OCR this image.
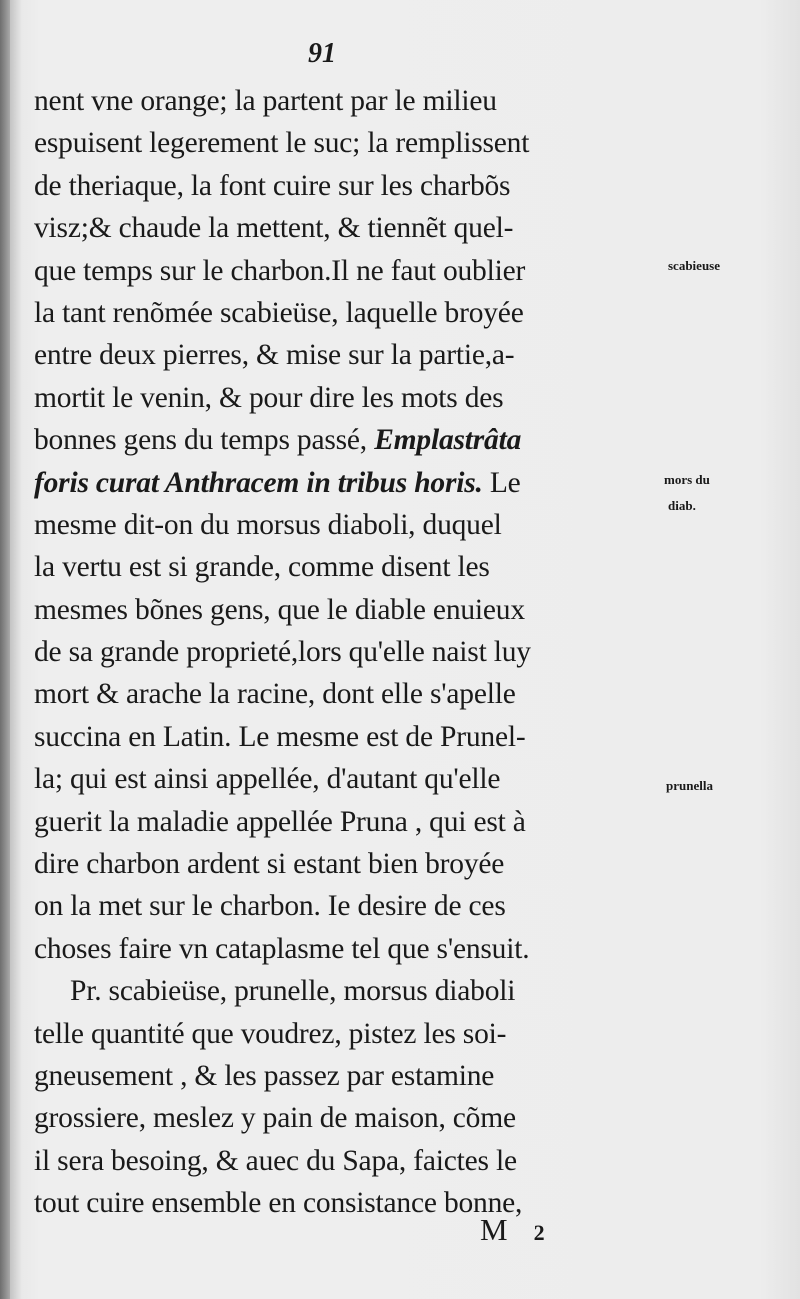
91
nent vne orange; la partent par le milieu
espuisent legerement le suc; la remplissent
de theriaque, la font cuire sur les charbõs
visz;& chaude la mettent, & tiennẽt quel-
que temps sur le charbon.Il ne faut oublier
la tant renõmée scabieüse, laquelle broyée
entre deux pierres, & mise sur la partie,a-
mortit le venin, & pour dire les mots des
bonnes gens du temps passé, Emplastrâta
foris curat Anthracem in tribus horis. Le
mesme dit-on du morsus diaboli, duquel
la vertu est si grande, comme disent les
mesmes bõnes gens, que le diable enuieux
de sa grande proprieté,lors qu'elle naist luy
mort & arache la racine, dont elle s'apelle
succina en Latin. Le mesme est de Prunel-
la; qui est ainsi appellée, d'autant qu'elle
guerit la maladie appellée Pruna , qui est à
dire charbon ardent si estant bien broyée
on la met sur le charbon. Ie desire de ces
choses faire vn cataplasme tel que s'ensuit.
Pr. scabieüse, prunelle, morsus diaboli
telle quantité que voudrez, pistez les soi-
gneusement , & les passez par estamine
grossiere, meslez y pain de maison, cõme
il sera besoing, & auec du Sapa, faictes le
tout cuire ensemble en consistance bonne,
scabieuse
mors du
diab.
prunella
M 2
